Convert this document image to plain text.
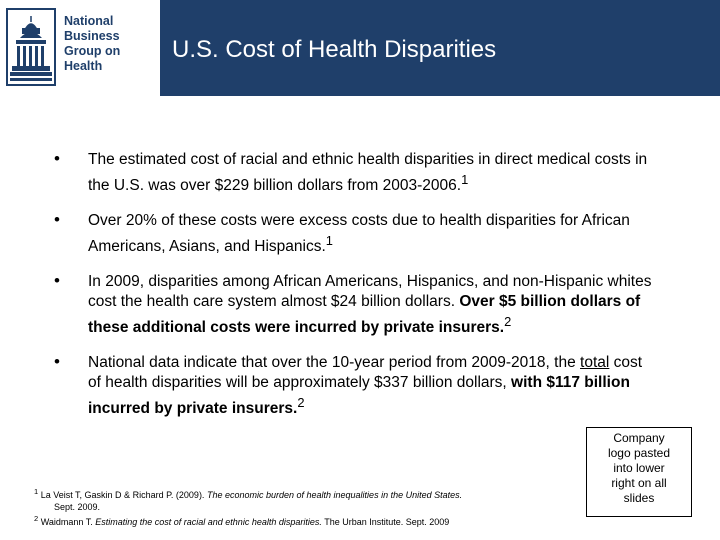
National
Business
Group on
Health
U.S. Cost of Health Disparities
• The estimated cost of racial and ethnic health disparities in direct medical costs in the U.S. was over $229 billion dollars from 2003-2006.$^1$
• Over 20% of these costs were excess costs due to health disparities for African Americans, Asians, and Hispanics.$^1$
• In 2009, disparities among African Americans, Hispanics, and non-Hispanic whites cost the health care system almost $24 billion dollars. Over $5 billion dollars of these additional costs were incurred by private insurers.$^2$
• National data indicate that over the 10-year period from 2009-2018, the total cost of health disparities will be approximately $337 billion dollars, with $117 billion incurred by private insurers.$^2$
$^1$ La Veist T, Gaskin D & Richard P. (2009). The economic burden of health inequalities in the United States.
Sept. 2009.
$^2$ Waidmann T. Estimating the cost of racial and ethnic health disparities. The Urban Institute. Sept. 2009
Company
logo pasted
into lower
right on all
slides
